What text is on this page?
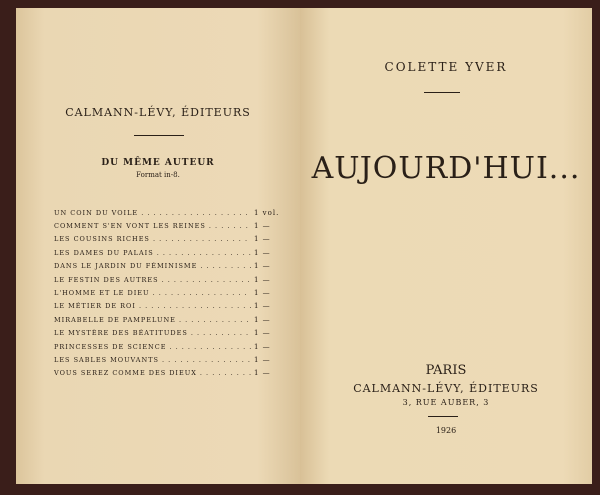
CALMANN-LÉVY, ÉDITEURS
DU MÊME AUTEUR
Format in-8.
UN COIN DU VOILE . . .	1 vol.
COMMENT S'EN VONT LES REINES . . .	1 —
LES COUSINS RICHES . . .	1 —
LES DAMES DU PALAIS . . .	1 —
DANS LE JARDIN DU FÉMINISME . . .	1 —
LE FESTIN DES AUTRES . . .	1 —
L'HOMME ET LE DIEU . . .	1 —
LE MÉTIER DE ROI . . .	1 —
MIRABELLE DE PAMPELUNE . . .	1 —
LE MYSTÈRE DES BÉATITUDES . . .	1 —
PRINCESSES DE SCIENCE . . .	1 —
LES SABLES MOUVANTS . . .	1 —
VOUS SEREZ COMME DES DIEUX . . .	1 —
COLETTE YVER
AUJOURD'HUI...
PARIS
CALMANN-LÉVY, ÉDITEURS
3, RUE AUBER, 3
1926
